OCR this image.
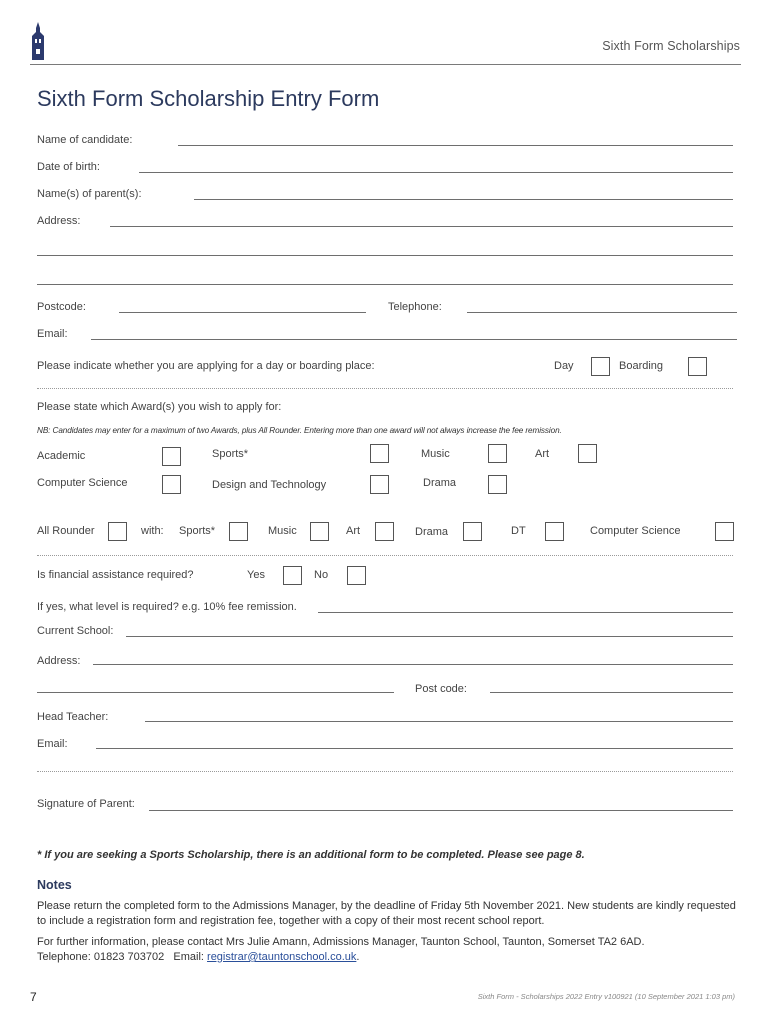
Sixth Form Scholarships
Sixth Form Scholarship Entry Form
Name of candidate:
Date of birth:
Name(s) of parent(s):
Address:
Postcode:	Telephone:
Email:
Please indicate whether you are applying for a day or boarding place:	Day	Boarding
Please state which Award(s) you wish to apply for:
NB: Candidates may enter for a maximum of two Awards, plus All Rounder. Entering more than one award will not always increase the fee remission.
Academic	Sports*	Music	Art
Computer Science	Design and Technology	Drama
All Rounder	with: Sports*	Music	Art	Drama	DT	Computer Science
Is financial assistance required?	Yes	No
If yes, what level is required? e.g. 10% fee remission.
Current School:
Address:
Post code:
Head Teacher:
Email:
Signature of Parent:
* If you are seeking a Sports Scholarship, there is an additional form to be completed. Please see page 8.
Notes
Please return the completed form to the Admissions Manager, by the deadline of Friday 5th November 2021. New students are kindly requested to include a registration form and registration fee, together with a copy of their most recent school report.
For further information, please contact Mrs Julie Amann, Admissions Manager, Taunton School, Taunton, Somerset TA2 6AD.
Telephone: 01823 703702   Email: registrar@tauntonschool.co.uk.
7	Sixth Form - Scholarships 2022 Entry v100921 (10 September 2021 1:03 pm)
